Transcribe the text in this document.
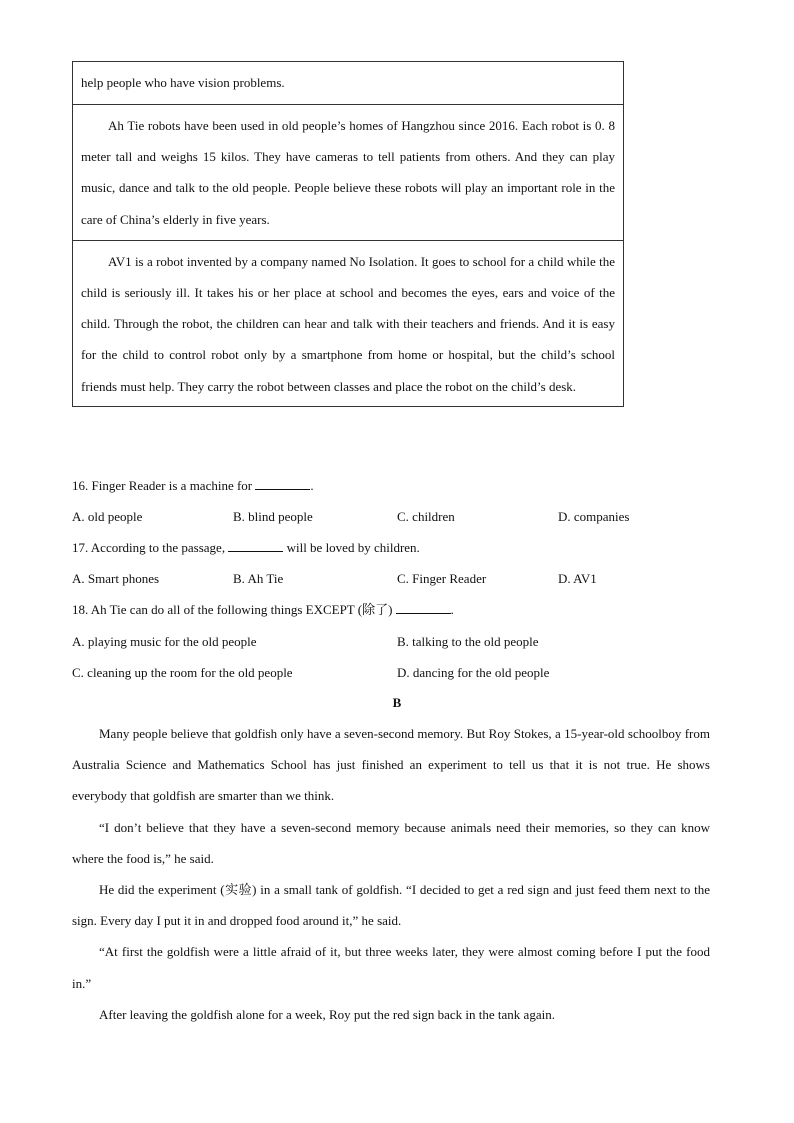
help people who have vision problems.

Ah Tie robots have been used in old people’s homes of Hangzhou since 2016. Each robot is 0. 8 meter tall and weighs 15 kilos. They have cameras to tell patients from others. And they can play music, dance and talk to the old people. People believe these robots will play an important role in the care of China’s elderly in five years.

AV1 is a robot invented by a company named No Isolation. It goes to school for a child while the child is seriously ill. It takes his or her place at school and becomes the eyes, ears and voice of the child. Through the robot, the children can hear and talk with their teachers and friends. And it is easy for the child to control robot only by a smartphone from home or hospital, but the child’s school friends must help. They carry the robot between classes and place the robot on the child’s desk.

16. Finger Reader is a machine for	.
A. old people	B. blind people	C. children	D. companies
17. According to the passage,	will be loved by children.
A. Smart phones	B. Ah Tie	C. Finger Reader	D. AV1
18. Ah Tie can do all of the following things EXCEPT (除了)	.
A. playing music for the old people	B. talking to the old people
C. cleaning up the room for the old people	D. dancing for the old people
B

Many people believe that goldfish only have a seven-second memory. But Roy Stokes, a 15-year-old schoolboy from Australia Science and Mathematics School has just finished an experiment to tell us that it is not true. He shows everybody that goldfish are smarter than we think.

“I don’t believe that they have a seven-second memory because animals need their memories, so they can know where the food is,” he said.

He did the experiment (实验) in a small tank of goldfish. “I decided to get a red sign and just feed them next to the sign. Every day I put it in and dropped food around it,” he said.

“At first the goldfish were a little afraid of it, but three weeks later, they were almost coming before I put the food in.”

After leaving the goldfish alone for a week, Roy put the red sign back in the tank again.
